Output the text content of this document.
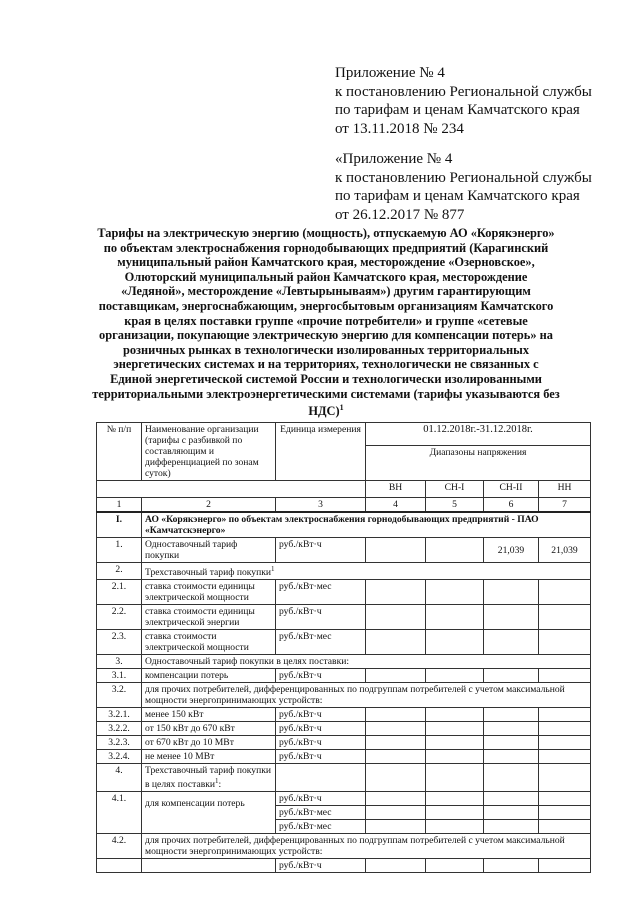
Приложение № 4
к постановлению Региональной службы
по тарифам и ценам Камчатского края
от 13.11.2018 № 234
«Приложение № 4
к постановлению Региональной службы
по тарифам и ценам Камчатского края
от 26.12.2017 № 877
Тарифы на электрическую энергию (мощность), отпускаемую АО «Корякэнерго» по объектам электроснабжения горнодобывающих предприятий (Карагинский муниципальный район Камчатского края, месторождение «Озерновское», Олюторский муниципальный район Камчатского края, месторождение «Ледяной», месторождение «Левтырынываям») другим гарантирующим поставщикам, энергоснабжающим, энергосбытовым организациям Камчатского края в целях поставки группе «прочие потребители» и группе «сетевые организации, покупающие электрическую энергию для компенсации потерь» на розничных рынках в технологически изолированных территориальных энергетических системах и на территориях, технологически не связанных с Единой энергетической системой России и технологически изолированными территориальными электроэнергетическими системами (тарифы указываются без НДС)$^1$
№ п/п	Наименование организации (тарифы с разбивкой по составляющим и дифференциацией по зонам суток)	Единица измерения	01.12.2018г.-31.12.2018г.			
			Диапазоны напряжения			
			ВН	СН-I	СН-II	НН
1	2	3	4	5	6	7
I.	АО «Корякэнерго» по объектам электроснабжения горнодобывающих предприятий - ПАО «Камчатскэнерго»					
1.	Одноставочный тариф покупки	руб./кВт·ч			21,039	21,039
2.	Трехставочный тариф покупки$^1$
2.1.	ставка стоимости единицы электрической мощности	руб./кВт·мес				
2.2.	ставка стоимости единицы электрической энергии	руб./кВт·ч				
2.3.	ставка стоимости электрической мощности	руб./кВт·мес				
3.	Одноставочный тариф покупки в целях поставки:					
3.1.	компенсации потерь	руб./кВт·ч				
3.2.	для прочих потребителей, дифференцированных по подгруппам потребителей с учетом максимальной мощности энергопринимающих устройств:					
3.2.1.	менее 150 кВт	руб./кВт·ч				
3.2.2.	от 150 кВт до 670 кВт	руб./кВт·ч				
3.2.3.	от 670 кВт до 10 МВт	руб./кВт·ч				
3.2.4.	не менее 10 МВт	руб./кВт·ч				
4.	Трехставочный тариф покупки в целях поставки$^1$:					
4.1.	для компенсации потерь	руб./кВт·ч				
		руб./кВт·мес				
		руб./кВт·мес				
4.2.	для прочих потребителей, дифференцированных по подгруппам потребителей с учетом максимальной мощности энергопринимающих устройств:					
		руб./кВт·ч				
